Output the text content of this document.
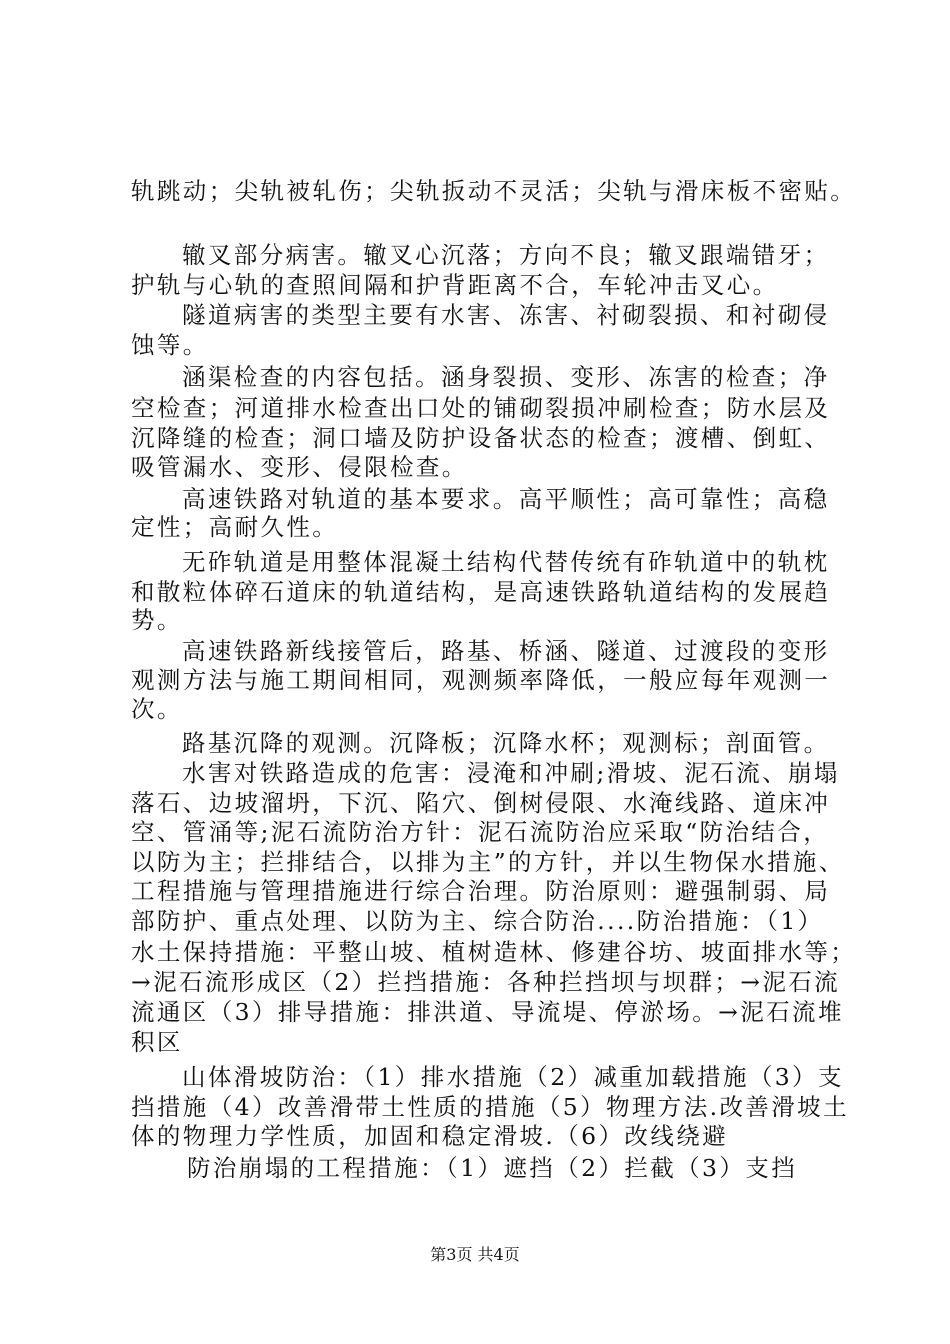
轨跳动；尖轨被轧伤；尖轨扳动不灵活；尖轨与滑床板不密贴。
辙叉部分病害。辙叉心沉落；方向不良；辙叉跟端错牙；
护轨与心轨的查照间隔和护背距离不合，车轮冲击叉心。
隧道病害的类型主要有水害、冻害、衬砌裂损、和衬砌侵
蚀等。
涵渠检查的内容包括。涵身裂损、变形、冻害的检查；净
空检查；河道排水检查出口处的铺砌裂损冲刷检查；防水层及
沉降缝的检查；洞口墙及防护设备状态的检查；渡槽、倒虹、
吸管漏水、变形、侵限检查。
高速铁路对轨道的基本要求。高平顺性；高可靠性；高稳
定性；高耐久性。
无砟轨道是用整体混凝土结构代替传统有砟轨道中的轨枕
和散粒体碎石道床的轨道结构，是高速铁路轨道结构的发展趋
势。
高速铁路新线接管后，路基、桥涵、隧道、过渡段的变形
观测方法与施工期间相同，观测频率降低，一般应每年观测一
次。
路基沉降的观测。沉降板；沉降水杯；观测标；剖面管。
水害对铁路造成的危害：浸淹和冲刷;滑坡、泥石流、崩塌
落石、边坡溜坍，下沉、陷穴、倒树侵限、水淹线路、道床冲
空、管涌等;泥石流防治方针：泥石流防治应采取“防治结合，
以防为主；拦排结合，以排为主”的方针，并以生物保水措施、
工程措施与管理措施进行综合治理。防治原则：避强制弱、局
部防护、重点处理、以防为主、综合防治....防治措施：（1）
水土保持措施：平整山坡、植树造林、修建谷坊、坡面排水等；
→泥石流形成区（2）拦挡措施：各种拦挡坝与坝群；→泥石流
流通区（3）排导措施：排洪道、导流堤、停淤场。→泥石流堆
积区
山体滑坡防治：（1）排水措施（2）减重加载措施（3）支
挡措施（4）改善滑带土性质的措施（5）物理方法.改善滑坡土
体的物理力学性质，加固和稳定滑坡.（6）改线绕避
防治崩塌的工程措施：（1）遮挡（2）拦截（3）支挡
第3页 共4页
